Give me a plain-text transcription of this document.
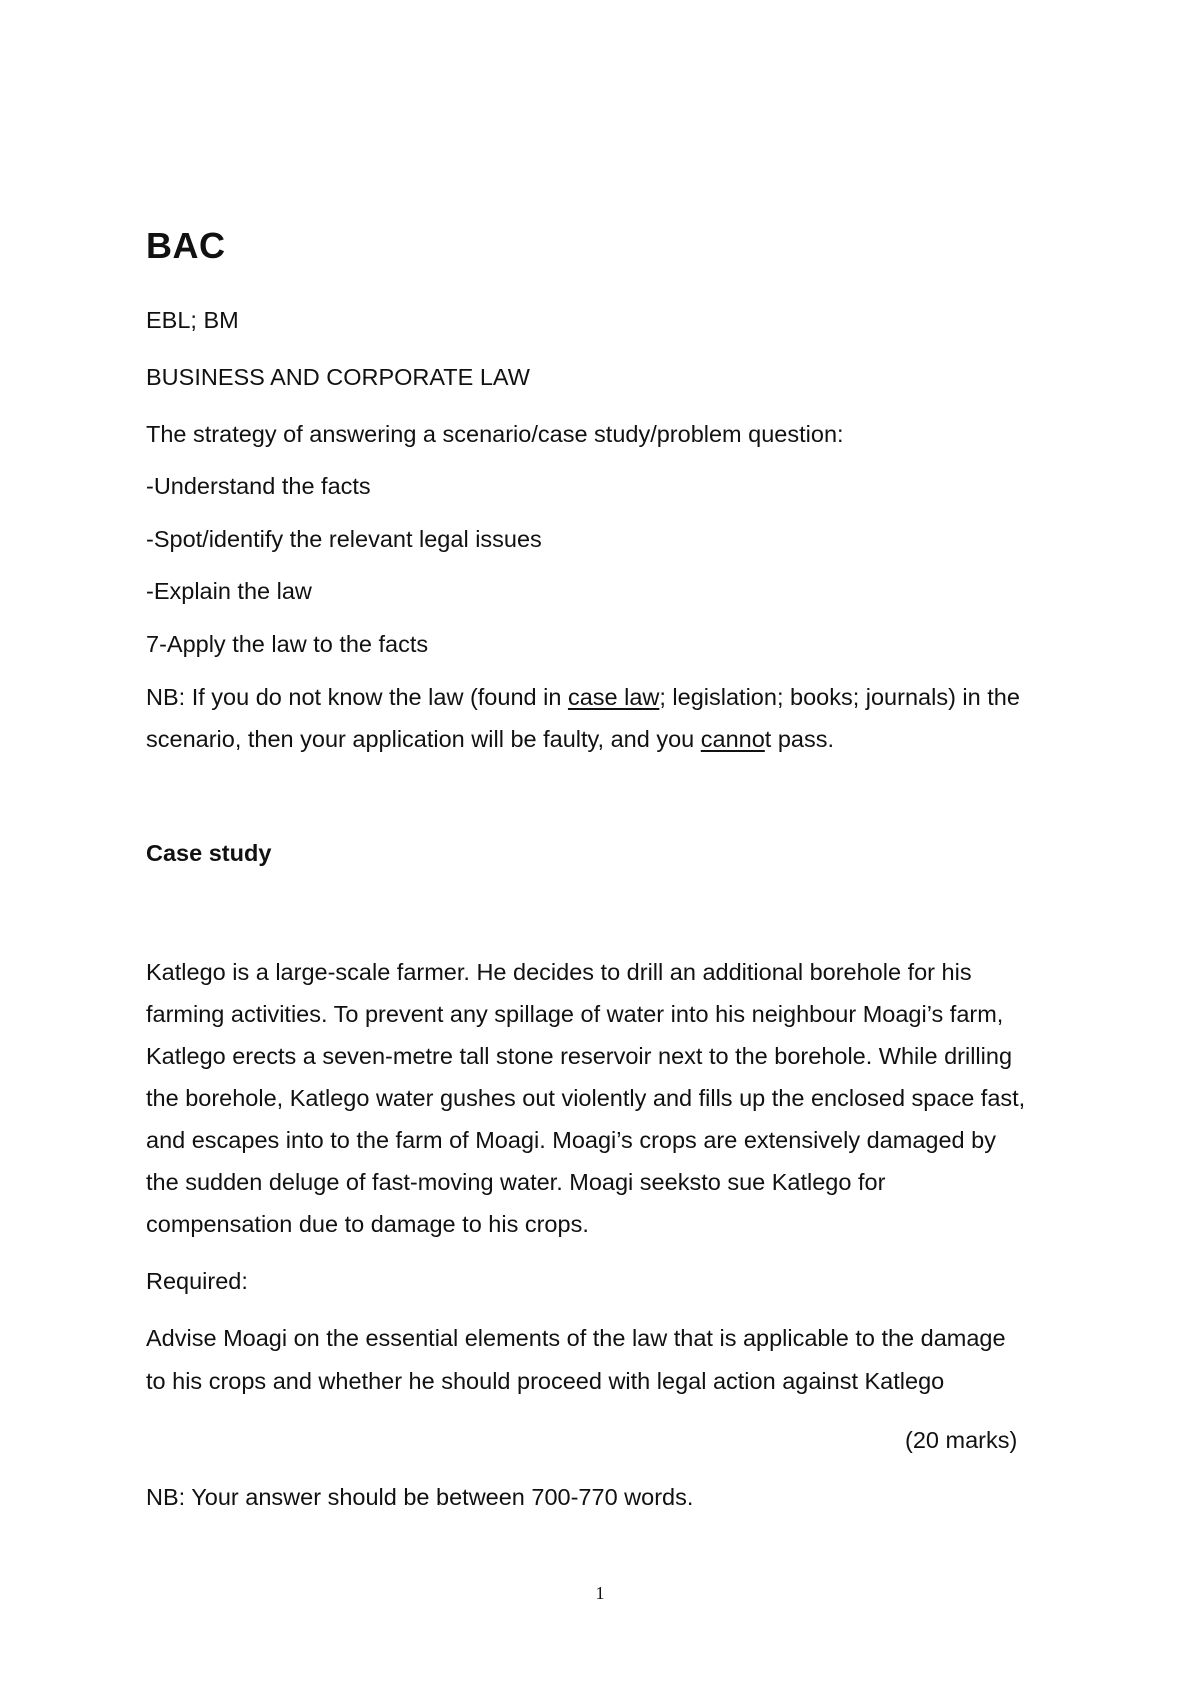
BAC

EBL; BM

BUSINESS AND CORPORATE LAW

The strategy of answering a scenario/case study/problem question:

-Understand the facts

-Spot/identify the relevant legal issues

-Explain the law

7-Apply the law to the facts

NB: If you do not know the law (found in case law; legislation; books; journals) in the

scenario, then your application will be faulty, and you cannot pass.

Case study

Katlego is a large-scale farmer. He decides to drill an additional borehole for his

farming activities. To prevent any spillage of water into his neighbour Moagi’s farm,

Katlego erects a seven-metre tall stone reservoir next to the borehole. While drilling

the borehole, Katlego water gushes out violently and fills up the enclosed space fast,

and escapes into to the farm of Moagi. Moagi’s crops are extensively damaged by

the sudden deluge of fast-moving water. Moagi seeksto sue Katlego for

compensation due to damage to his crops.

Required:

Advise Moagi on the essential elements of the law that is applicable to the damage

to his crops and whether he should proceed with legal action against Katlego

(20 marks)

NB: Your answer should be between 700-770 words.

1
